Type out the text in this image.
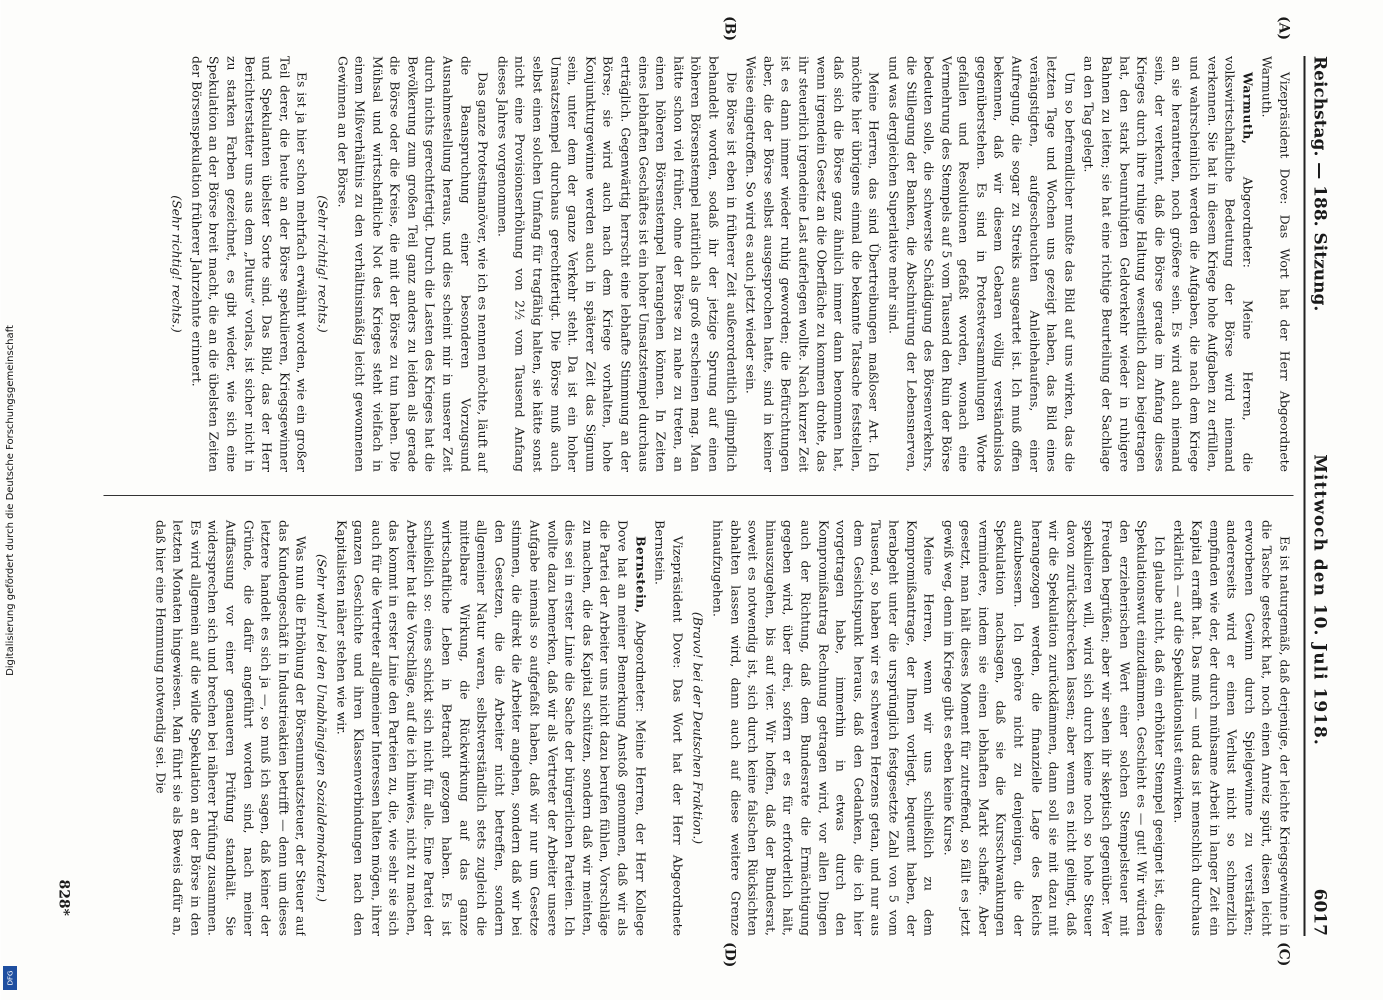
Reichstag. — 188. Sitzung.
Mittwoch den 10. Juli 1918.
6017
(A)
(B)
(C)
(D)

Vizepräsident Dove: Das Wort hat der Herr Abgeordnete Warmuth.

Warmuth, Abgeordneter: Meine Herren, die volkswirtschaftliche Bedeutung der Börse wird niemand verkennen. Sie hat in diesem Kriege hohe Aufgaben zu erfüllen, und wahrscheinlich werden die Aufgaben, die nach dem Kriege an sie herantreten, noch größere sein. Es wird auch niemand sein, der verkennt, daß die Börse gerade im Anfang dieses Krieges durch ihre ruhige Haltung wesentlich dazu beigetragen hat, den stark beunruhigten Geldverkehr wieder in ruhigere Bahnen zu leiten; sie hat eine richtige Beurteilung der Sachlage an den Tag gelegt.

Um so befremdlicher mußte das Bild auf uns wirken, das die letzten Tage und Wochen uns gezeigt haben, das Bild eines verängstigten, aufgescheuchten Anleihehaufens, einer Aufregung, die sogar zu Streiks ausgeartet ist. Ich muß offen bekennen, daß wir diesem Gebaren völlig verständnislos gegenüberstehen. Es sind in Protestversammlungen Worte gefallen und Resolutionen gefaßt worden, wonach eine Vermehrung des Stempels auf 5 vom Tausend den Ruin der Börse bedeuten solle, die schwerste Schädigung des Börsenverkehrs, die Stillegung der Banken, die Abschnürung der Lebensnerven, und was dergleichen Superlative mehr sind.

Meine Herren, das sind Übertreibungen maßloser Art. Ich möchte hier übrigens einmal die bekannte Tatsache feststellen, daß sich die Börse ganz ähnlich immer dann benommen hat, wenn irgendein Gesetz an die Oberfläche zu kommen drohte, das ihr steuerlich irgendeine Last auferlegen wollte. Nach kurzer Zeit ist es dann immer wieder ruhig geworden; die Befürchtungen aber, die der Börse selbst ausgesprochen hatte, sind in keiner Weise eingetroffen. So wird es auch jetzt wieder sein.

Die Börse ist eben in früherer Zeit außerordentlich glimpflich behandelt worden, sodaß ihr der jetzige Sprung auf einen höheren Börsenstempel natürlich als groß erscheinen mag. Man hätte schon viel früher, ohne der Börse zu nahe zu treten, an einen höheren Börsenstempel herangehen können. In Zeiten eines lebhaften Geschäftes ist ein hoher Umsatzstempel durchaus erträglich. Gegenwärtig herrscht eine lebhafte Stimmung an der Börse; sie wird auch nach dem Kriege vorhalten, hohe Konjunkturgewinne werden auch in späterer Zeit das Signum sein, unter dem der ganze Verkehr steht. Da ist ein hoher Umsatzstempel durchaus gerechtfertigt. Die Börse muß auch selbst einen solchen Umfang für tragfähig halten, sie hätte sonst nicht eine Provisionserhöhung von 2½ vom Tausend Anfang dieses Jahres vorgenommen.

Das ganze Protestmanöver, wie ich es nennen möchte, läuft auf die Beanspruchung einer besonderen Vorzugsund Ausnahmestellung heraus, und dies scheint mir in unserer Zeit durch nichts gerechtfertigt. Durch die Lasten des Krieges hat die Bevölkerung zum großen Teil ganz anders zu leiden als gerade die Börse oder die Kreise, die mit der Börse zu tun haben. Die Mühsal und wirtschaftliche Not des Krieges steht vielfach in einem Mißverhältnis zu den verhältnismäßig leicht gewonnenen Gewinnen an der Börse.

(Sehr richtig! rechts.)

Es ist ja hier schon mehrfach erwähnt worden, wie ein großer Teil derer, die heute an der Börse spekulieren, Kriegsgewinner und Spekulanten übelster Sorte sind. Das Bild, das der Herr Berichterstatter uns aus dem „Plutus“ vorlas, ist sicher nicht in zu starken Farben gezeichnet, es gibt wieder, wie sich eine Spekulation an der Börse breit macht, die an die übelsten Zeiten der Börsenspekulation früherer Jahrzehnte erinnert.

(Sehr richtig! rechts.)

Es ist naturgemäß, daß derjenige, der leichte Kriegsgewinne in die Tasche gesteckt hat, noch einen Anreiz spürt, diesen leicht erworbenen Gewinn durch Spielgewinne zu verstärken; andererseits wird er einen Verlust nicht so schmerzlich empfinden wie der, der durch mühsame Arbeit in langer Zeit ein Kapital errafft hat. Das muß — und das ist menschlich durchaus erklärlich — auf die Spekulationslust einwirken.

Ich glaube nicht, daß ein erhöhter Stempel geeignet ist, diese Spekulationswut einzudämmen. Geschieht es — gut! Wir würden den erzieherischen Wert einer solchen Stempelsteuer mit Freuden begrüßen; aber wir sehen ihr skeptisch gegenüber. Wer spekulieren will, wird sich durch keine noch so hohe Steuer davon zurückschrecken lassen; aber wenn es nicht gelingt, daß wir die Spekulation zurückdämmen, dann soll sie mit dazu mit herangezogen werden, die finanzielle Lage des Reichs aufzubessern. Ich gehöre nicht zu denjenigen, die der Spekulation nachsagen, daß sie die Kursschwankungen vermindere, indem sie einen lebhaften Markt schaffe. Aber gesetzt, man hält dieses Moment für zutreffend, so fällt es jetzt gewiß weg, denn im Kriege gibt es eben keine Kurse.

Meine Herren, wenn wir uns schließlich zu dem Kompromißantrage, der Ihnen vorliegt, bequemt haben, der herabgeht unter die ursprünglich festgesetzte Zahl von 5 vom Tausend, so haben wir es schweren Herzens getan, und nur aus dem Gesichtspunkt heraus, daß den Gedanken, die ich hier vorgetragen habe, immerhin in etwas durch den Kompromißantrag Rechnung getragen wird, vor allen Dingen auch der Richtung, daß dem Bundesrate die Ermächtigung gegeben wird, über drei, sofern er es für erforderlich hält, hinauszugehen, bis auf vier. Wir hoffen, daß der Bundesrat, soweit es notwendig ist, sich durch keine falschen Rücksichten abhalten lassen wird, dann auch auf diese weitere Grenze hinaufzugehen.

(Bravo! bei der Deutschen Fraktion.)

Vizepräsident Dove: Das Wort hat der Herr Abgeordnete Bernstein.

Bernstein, Abgeordneter: Meine Herren, der Herr Kollege Dove hat an meiner Bemerkung Anstoß genommen, daß wir als die Partei der Arbeiter uns nicht dazu berufen fühlen, Vorschläge zu machen, die das Kapital schützen, sondern daß wir meinten, dies sei in erster Linie die Sache der bürgerlichen Parteien. Ich wollte dazu bemerken, daß wir als Vertreter der Arbeiter unsere Aufgabe niemals so aufgefaßt haben, daß wir nur um Gesetze stimmen, die direkt die Arbeiter angehen, sondern daß wir bei den Gesetzen, die die Arbeiter nicht betreffen, sondern allgemeiner Natur waren, selbstverständlich stets zugleich die mittelbare Wirkung, die Rückwirkung auf das ganze wirtschaftliche Leben in Betracht gezogen haben. Es ist schließlich so: eines schickt sich nicht für alle. Eine Partei der Arbeiter hat die Vorschläge, auf die ich hinwies, nicht zu machen, das kommt in erster Linie den Parteien zu, die, wie sehr sie sich auch für die Vertreter allgemeiner Interessen halten mögen, ihrer ganzen Geschichte und ihren Klassenverbindungen nach den Kapitalisten näher stehen wie wir.

(Sehr wahr! bei den Unabhängigen Sozialdemokraten.)

Was nun die Erhöhung der Börsenumsatzsteuer, der Steuer auf das Kundengeschäft in Industrieaktien betrifft — denn um dieses letztere handelt es sich ja —, so muß ich sagen, daß keiner der Gründe, die dafür angeführt worden sind, nach meiner Auffassung vor einer genaueren Prüfung standhält. Sie widersprechen sich und brechen bei näherer Prüfung zusammen. Es wird allgemein auf die wilde Spekulation an der Börse in den letzten Monaten hingewiesen. Man führt sie als Beweis dafür an, daß hier eine Hemmung notwendig sei. Die

828*
Digitalisierung gefördert durch die Deutsche Forschungsgemeinschaft
DFG
